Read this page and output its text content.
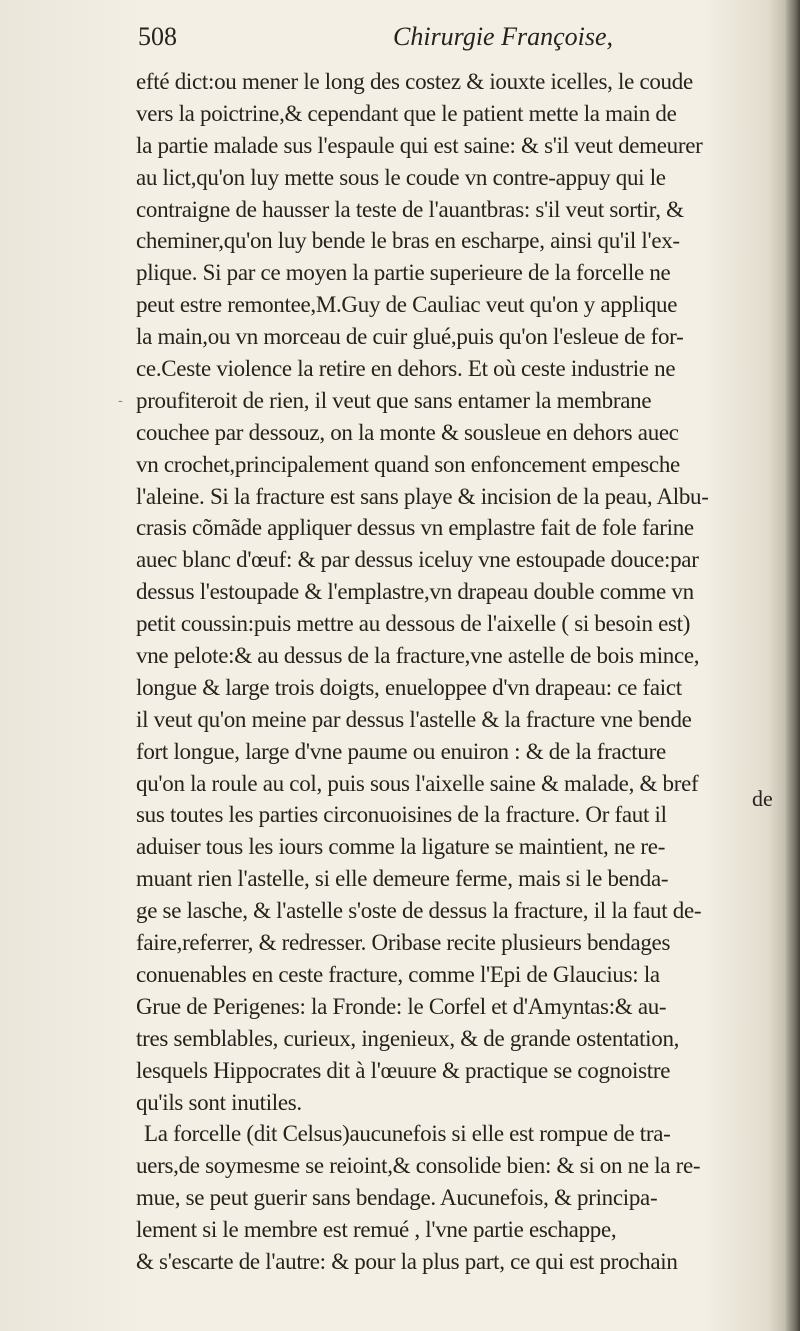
508	Chirurgie Françoise,
efté dict:ou mener le long des costez & iouxte icelles, le coude
vers la poictrine,& cependant que le patient mette la main de
la partie malade sus l'espaule qui est saine: & s'il veut demeurer
au lict,qu'on luy mette sous le coude vn contre-appuy qui le
contraigne de hausser la teste de l'auantbras: s'il veut sortir, &
cheminer,qu'on luy bende le bras en escharpe, ainsi qu'il l'ex-
plique. Si par ce moyen la partie superieure de la forcelle ne
peut estre remontee,M.Guy de Cauliac veut qu'on y applique
la main,ou vn morceau de cuir glué,puis qu'on l'esleue de for-
ce.Ceste violence la retire en dehors. Et où ceste industrie ne
proufiteroit de rien, il veut que sans entamer la membrane
couchee par dessouz, on la monte & sousleue en dehors auec
vn crochet,principalement quand son enfoncement empesche
l'aleine. Si la fracture est sans playe & incision de la peau, Albu-
crasis cõmãde appliquer dessus vn emplastre fait de fole farine
auec blanc d'œuf: & par dessus iceluy vne estoupade douce:par
dessus l'estoupade & l'emplastre,vn drapeau double comme vn
petit coussin:puis mettre au dessous de l'aixelle ( si besoin est)
vne pelote:& au dessus de la fracture,vne astelle de bois mince,
longue & large trois doigts, enueloppee d'vn drapeau: ce faict
il veut qu'on meine par dessus l'astelle & la fracture vne bende
fort longue, large d'vne paume ou enuiron : & de la fracture
qu'on la roule au col, puis sous l'aixelle saine & malade, & bref
sus toutes les parties circonuoisines de la fracture. Or faut il
aduiser tous les iours comme la ligature se maintient, ne re-
muant rien l'astelle, si elle demeure ferme, mais si le benda-
ge se lasche, & l'astelle s'oste de dessus la fracture, il la faut de-
faire,referrer, & redresser. Oribase recite plusieurs bendages
conuenables en ceste fracture, comme l'Epi de Glaucius: la
Grue de Perigenes: la Fronde: le Corfel et d'Amyntas:& au-
tres semblables, curieux, ingenieux, & de grande ostentation,
lesquels Hippocrates dit à l'œuure & practique se cognoistre
qu'ils sont inutiles.
La forcelle (dit Celsus)aucunefois si elle est rompue de tra-
uers,de soymesme se reioint,& consolide bien: & si on ne la re-
mue, se peut guerir sans bendage. Aucunefois, & principa-
lement si le membre est remué , l'vne partie eschappe,
& s'escarte de l'autre: & pour la plus part, ce qui est prochain
de
-
